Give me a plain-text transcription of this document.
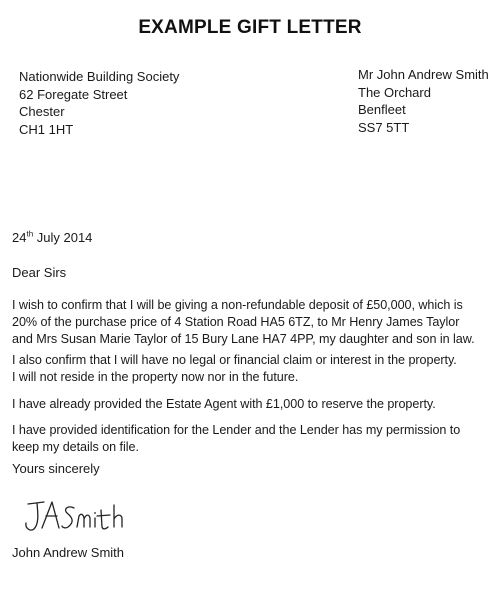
EXAMPLE GIFT LETTER
Nationwide Building Society
62 Foregate Street
Chester
CH1 1HT
Mr John Andrew Smith
The Orchard
Benfleet
SS7 5TT
24th July 2014
Dear Sirs
I wish to confirm that I will be giving a non-refundable deposit of £50,000, which is
20% of the purchase price of 4 Station Road HA5 6TZ, to Mr Henry James Taylor
and Mrs Susan Marie Taylor of 15 Bury Lane HA7 4PP, my daughter and son in law.
I also confirm that I will have no legal or financial claim or interest in the property.
I will not reside in the property now nor in the future.
I have already provided the Estate Agent with £1,000 to reserve the property.
I have provided identification for the Lender and the Lender has my permission to
keep my details on file.
Yours sincerely
John Andrew Smith
